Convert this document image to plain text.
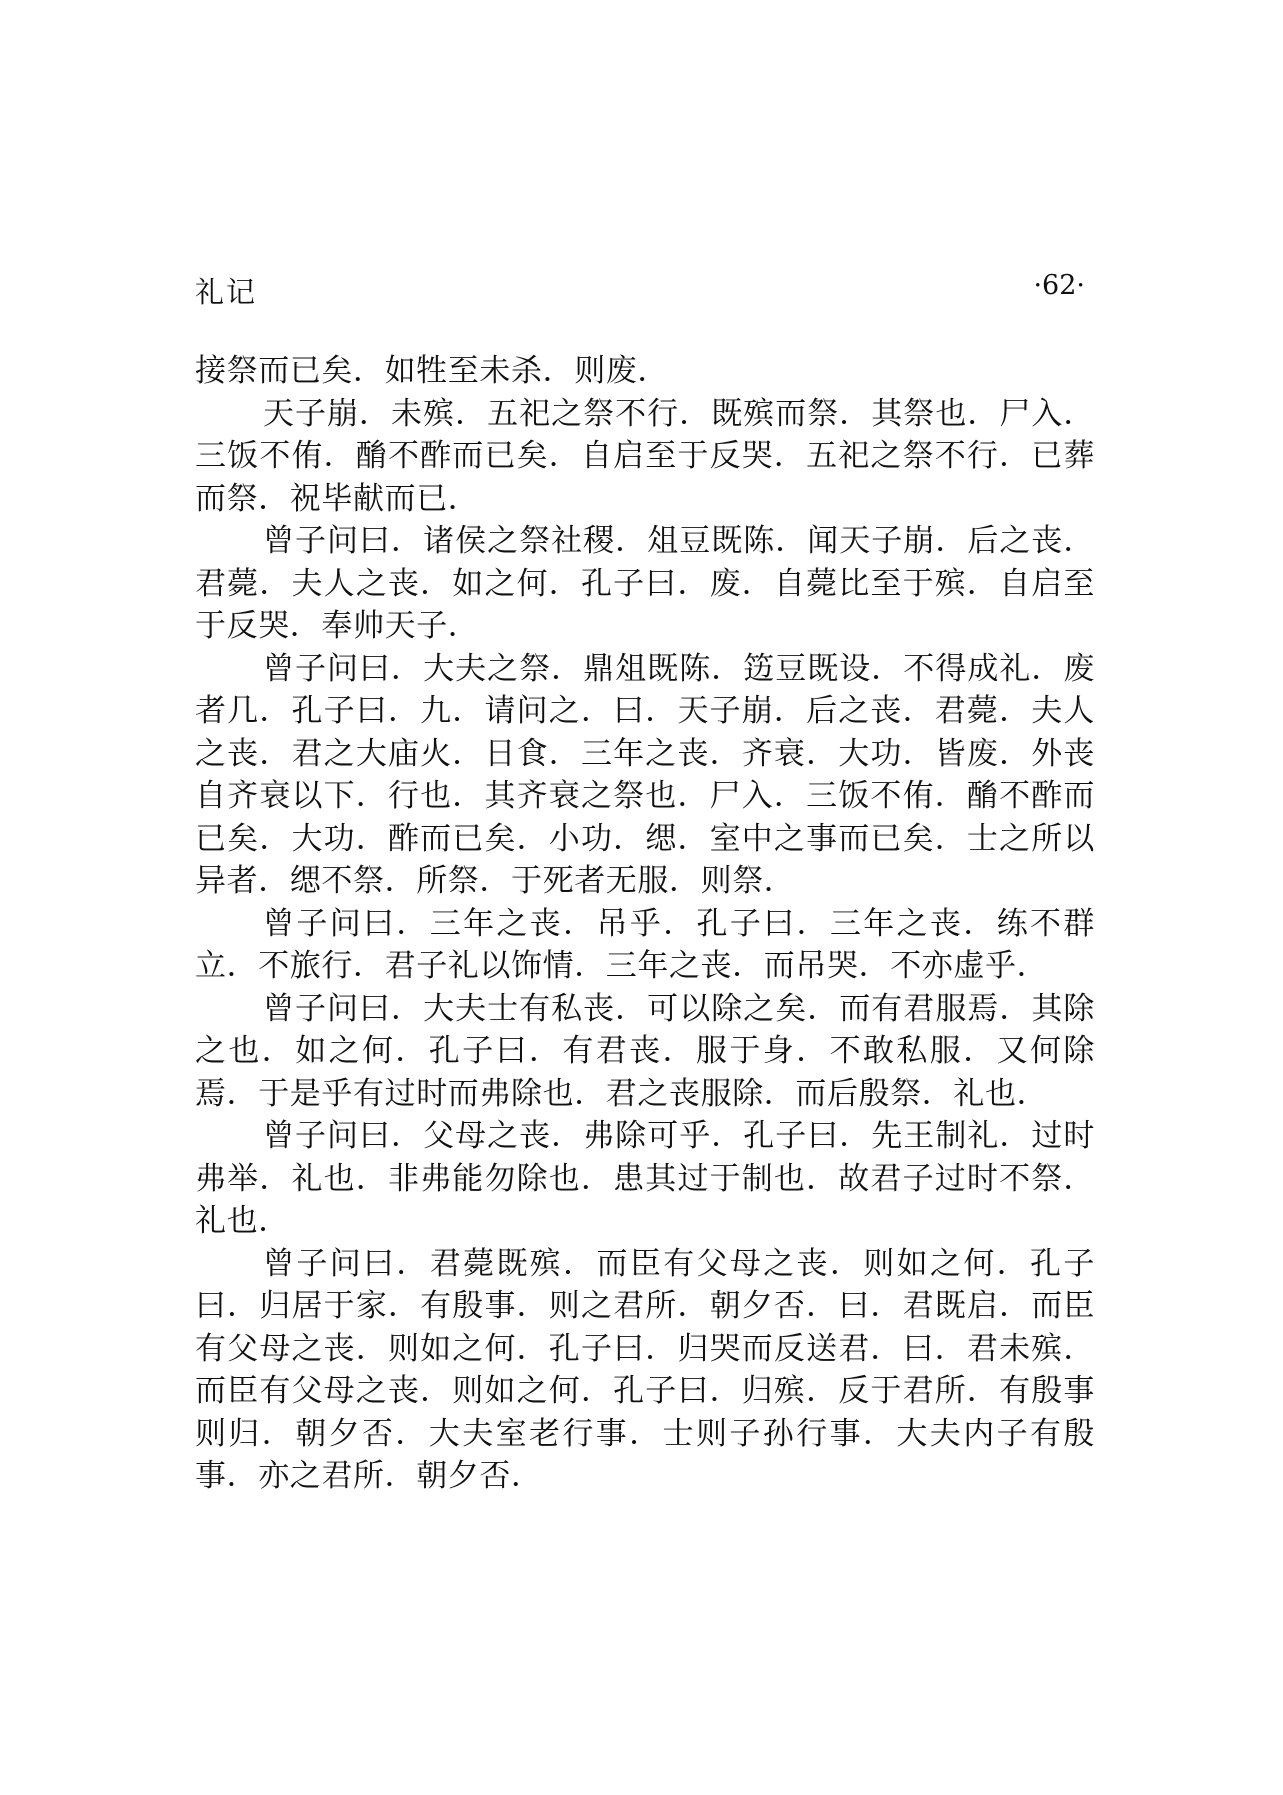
礼记	·62·

接祭而已矣．如牲至未杀．则废．

天子崩．未殡．五祀之祭不行．既殡而祭．其祭也．尸入．三饭不侑．酳不酢而已矣．自启至于反哭．五祀之祭不行．已葬而祭．祝毕献而已．

曾子问曰．诸侯之祭社稷．俎豆既陈．闻天子崩．后之丧．君薨．夫人之丧．如之何．孔子曰．废．自薨比至于殡．自启至于反哭．奉帅天子．

曾子问曰．大夫之祭．鼎俎既陈．笾豆既设．不得成礼．废者几．孔子曰．九．请问之．曰．天子崩．后之丧．君薨．夫人之丧．君之大庙火．日食．三年之丧．齐衰．大功．皆废．外丧自齐衰以下．行也．其齐衰之祭也．尸入．三饭不侑．酳不酢而已矣．大功．酢而已矣．小功．缌．室中之事而已矣．士之所以异者．缌不祭．所祭．于死者无服．则祭．

曾子问曰．三年之丧．吊乎．孔子曰．三年之丧．练不群立．不旅行．君子礼以饰情．三年之丧．而吊哭．不亦虚乎．

曾子问曰．大夫士有私丧．可以除之矣．而有君服焉．其除之也．如之何．孔子曰．有君丧．服于身．不敢私服．又何除焉．于是乎有过时而弗除也．君之丧服除．而后殷祭．礼也．

曾子问曰．父母之丧．弗除可乎．孔子曰．先王制礼．过时弗举．礼也．非弗能勿除也．患其过于制也．故君子过时不祭．礼也．

曾子问曰．君薨既殡．而臣有父母之丧．则如之何．孔子曰．归居于家．有殷事．则之君所．朝夕否．曰．君既启．而臣有父母之丧．则如之何．孔子曰．归哭而反送君．曰．君未殡．而臣有父母之丧．则如之何．孔子曰．归殡．反于君所．有殷事则归．朝夕否．大夫室老行事．士则子孙行事．大夫内子有殷事．亦之君所．朝夕否．
